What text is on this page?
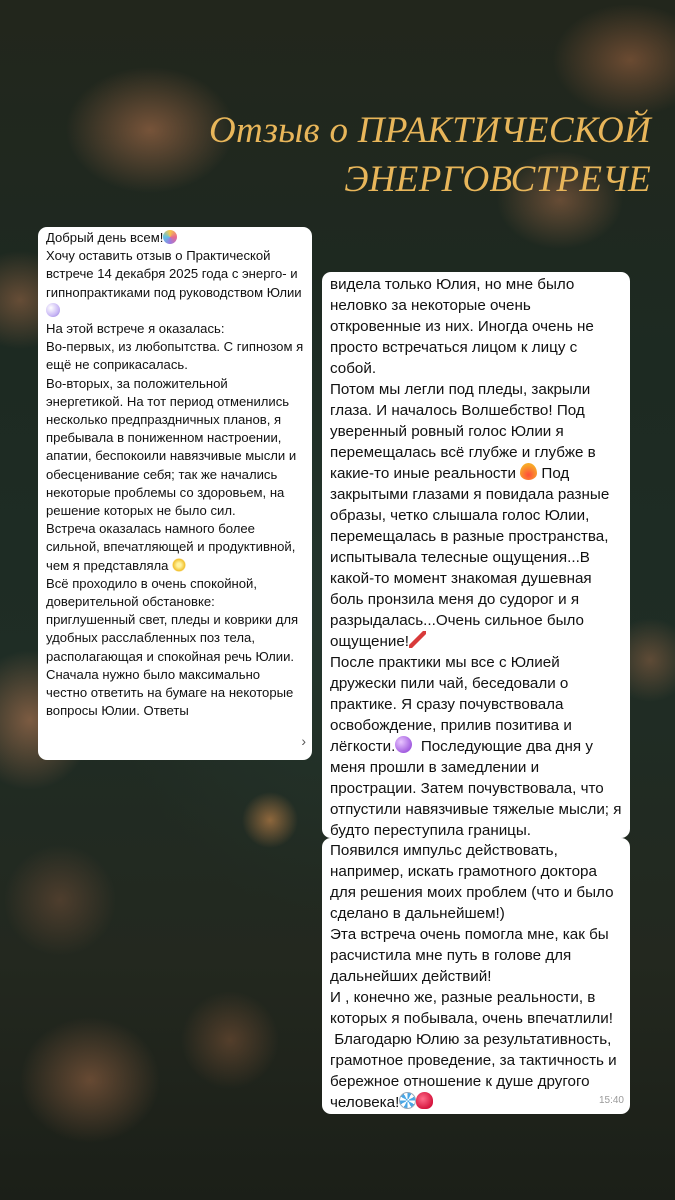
Отзыв о ПРАКТИЧЕСКОЙ
ЭНЕРГОВСТРЕЧЕ

Добрый день всем!
Хочу оставить отзыв о Практической встрече 14 декабря 2025 года с энерго- и гипнопрактиками под руководством Юлии
На этой встрече я оказалась:
Во-первых, из любопытства. С гипнозом я ещё не соприкасалась.
Во-вторых, за положительной энергетикой. На тот период отменились несколько предпраздничных планов, я пребывала в пониженном настроении, апатии, беспокоили навязчивые мысли и обесценивание себя; так же начались некоторые проблемы со здоровьем, на решение которых не было сил.
Встреча оказалась намного более сильной, впечатляющей и продуктивной, чем я представляла
Всё проходило в очень спокойной, доверительной обстановке: приглушенный свет, пледы и коврики для удобных расслабленных поз тела, располагающая и спокойная речь Юлии.
Сначала нужно было максимально честно ответить на бумаге на некоторые вопросы Юлии. Ответы

›

видела только Юлия, но мне было неловко за некоторые очень откровенные из них. Иногда очень не просто встречаться лицом к лицу с собой.
Потом мы легли под пледы, закрыли глаза. И началось Волшебство! Под уверенный ровный голос Юлии я перемещалась всё глубже и глубже в какие-то иные реальности  Под закрытыми глазами я повидала разные образы, четко слышала голос Юлии, перемещалась в разные пространства, испытывала телесные ощущения...В какой-то момент знакомая душевная боль пронзила меня до судорог и я разрыдалась...Очень сильное было ощущение!
После практики мы все с Юлией дружески пили чай, беседовали о практике. Я сразу почувствовала освобождение, прилив позитива и лёгкости.  Последующие два дня у меня прошли в замедлении и прострации. Затем почувствовала, что отпустили навязчивые тяжелые мысли; я будто переступила границы.

Появился импульс действовать, например, искать грамотного доктора для решения моих проблем (что и было сделано в дальнейшем!)
Эта встреча очень помогла мне, как бы расчистила мне путь в голове для дальнейших действий!
И , конечно же, разные реальности, в которых я побывала, очень впечатлили!
Благодарю Юлию за результативность, грамотное проведение, за тактичность и бережное отношение к душе другого человека!	15:40
